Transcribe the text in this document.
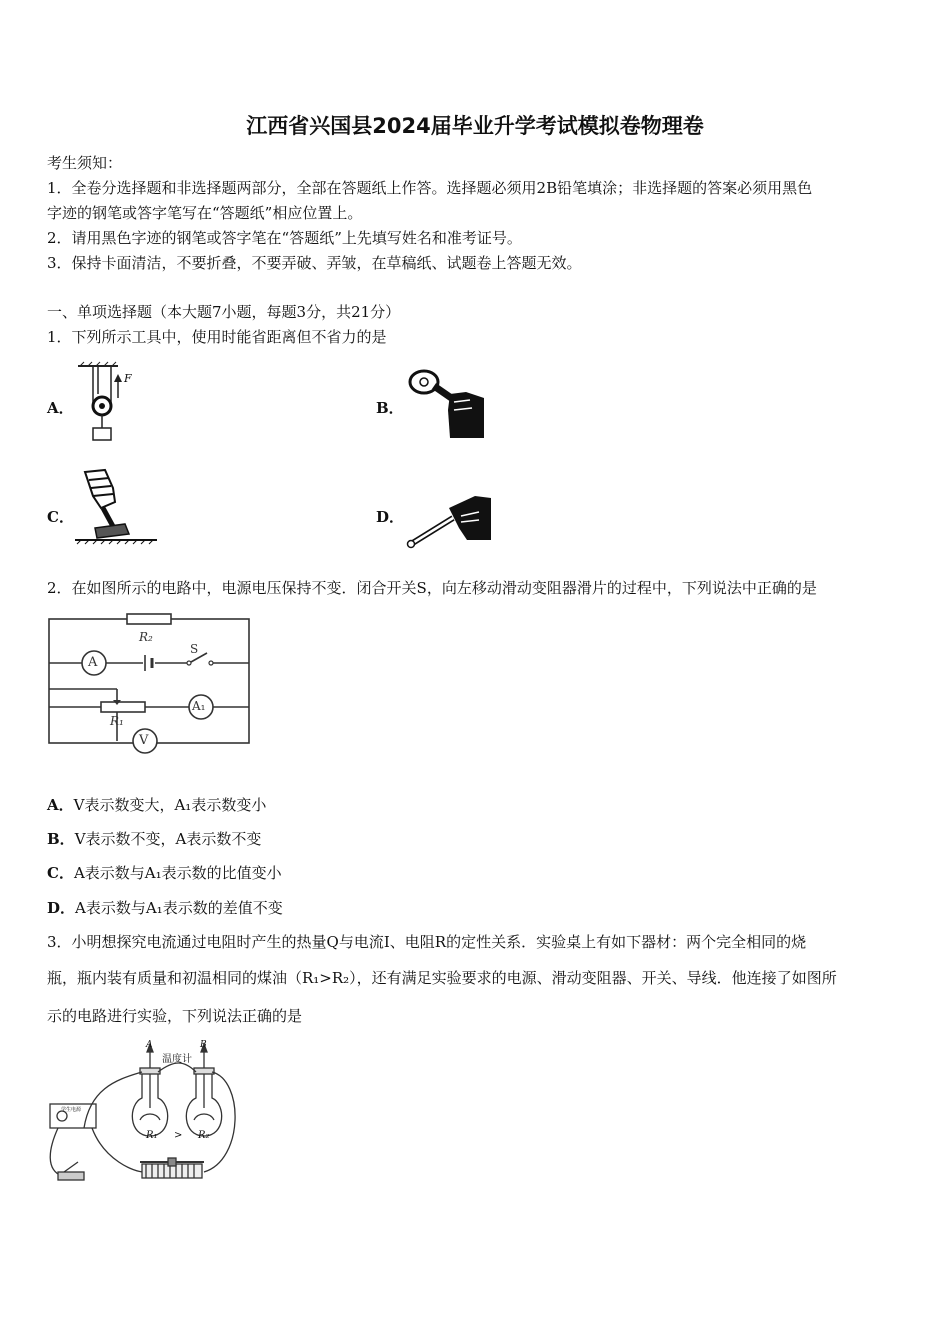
江西省兴国县2024届毕业升学考试模拟卷物理卷
考生须知：
1．全卷分选择题和非选择题两部分，全部在答题纸上作答。选择题必须用2B铅笔填涂；非选择题的答案必须用黑色
字迹的钢笔或答字笔写在“答题纸”相应位置上。
2．请用黑色字迹的钢笔或答字笔在“答题纸”上先填写姓名和准考证号。
3．保持卡面清洁，不要折叠，不要弄破、弄皱，在草稿纸、试题卷上答题无效。
一、单项选择题（本大题7小题，每题3分，共21分）
1．下列所示工具中，使用时能省距离但不省力的是
A．	B．
C．	D．
F
2．在如图所示的电路中，电源电压保持不变．闭合开关S，向左移动滑动变阻器滑片的过程中，下列说法中正确的是
R₂
A
S
R₁
A₁
V
A．V表示数变大，A₁表示数变小
B．V表示数不变，A表示数不变
C．A表示数与A₁表示数的比值变小
D．A表示数与A₁表示数的差值不变
3．小明想探究电流通过电阻时产生的热量Q与电流I、电阻R的定性关系．实验桌上有如下器材：两个完全相同的烧
瓶，瓶内装有质量和初温相同的煤油（R₁>R₂），还有满足实验要求的电源、滑动变阻器、开关、导线．他连接了如图所
示的电路进行实验，下列说法正确的是
A	B
温度计
R₁ > R₂
学生电源
